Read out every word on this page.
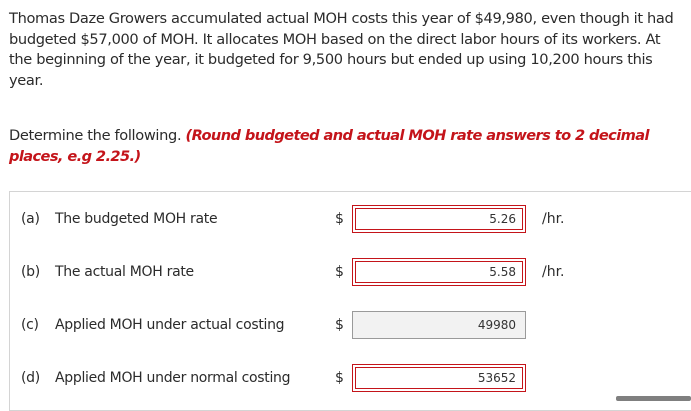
Thomas Daze Growers accumulated actual MOH costs this year of $49,980, even though it had budgeted $57,000 of MOH. It allocates MOH based on the direct labor hours of its workers. At the beginning of the year, it budgeted for 9,500 hours but ended up using 10,200 hours this year.

Determine the following. (Round budgeted and actual MOH rate answers to 2 decimal places, e.g 2.25.)

(a) The budgeted MOH rate	$	5.26	/hr.
(b) The actual MOH rate	$	5.58	/hr.
(c) Applied MOH under actual costing	$	49980
(d) Applied MOH under normal costing	$	53652
